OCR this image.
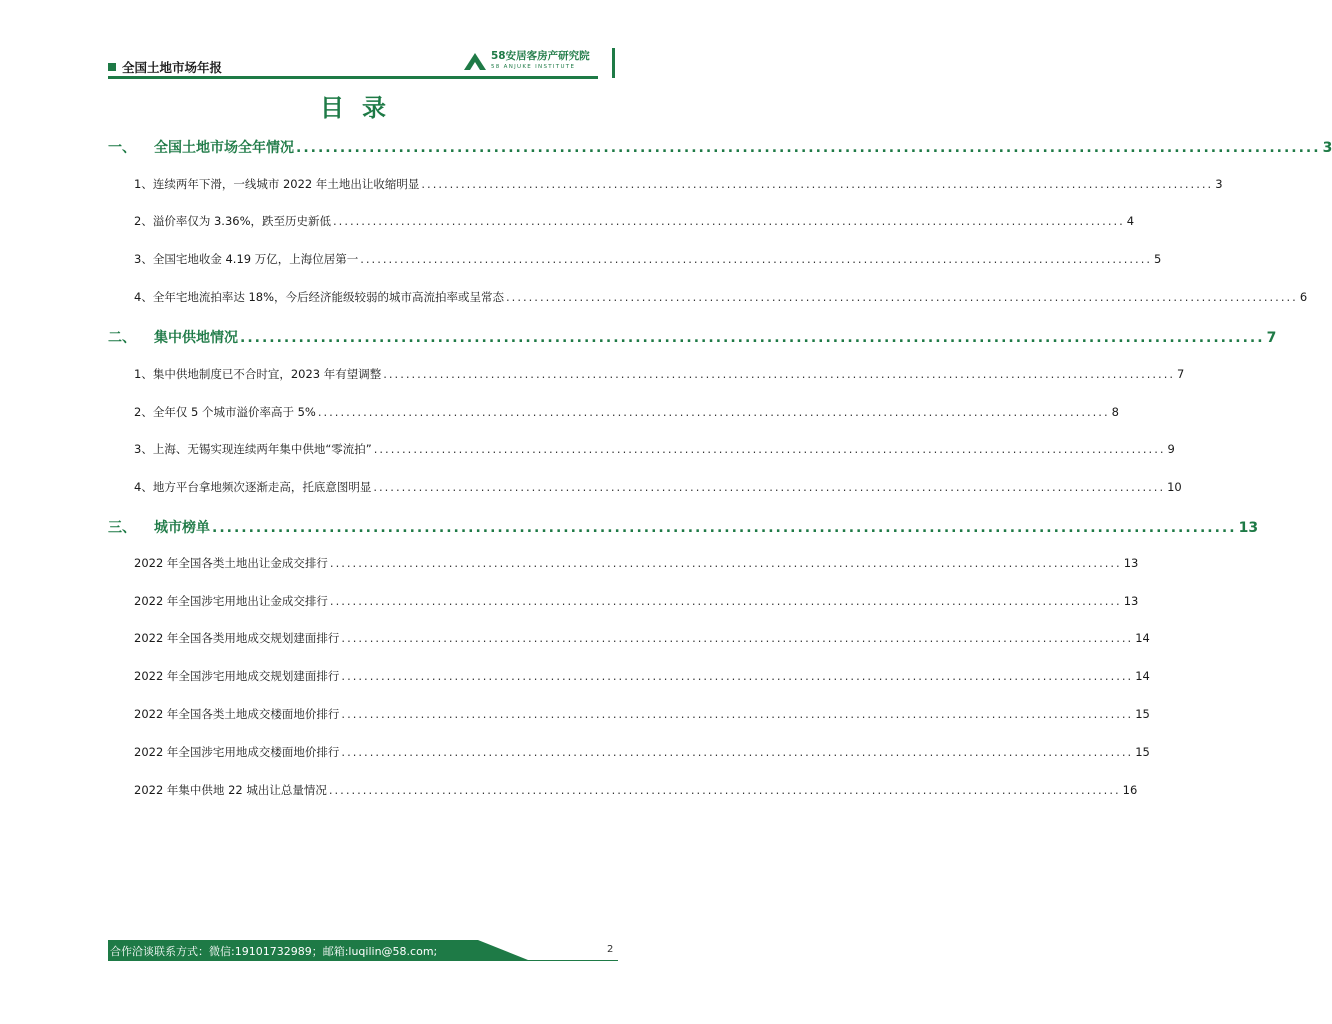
全国土地市场年报
58安居客房产研究院
58 ANJUKE INSTITUTE
目录
一、 全国土地市场全年情况 ............................................................................................................................................ 3
1、连续两年下滑，一线城市 2022 年土地出让收缩明显 ............................................................................................................................................ 3
2、溢价率仅为 3.36%，跌至历史新低 ............................................................................................................................................ 4
3、全国宅地收金 4.19 万亿，上海位居第一 ............................................................................................................................................ 5
4、全年宅地流拍率达 18%，今后经济能级较弱的城市高流拍率或呈常态 ............................................................................................................................................ 6
二、 集中供地情况 ............................................................................................................................................ 7
1、集中供地制度已不合时宜，2023 年有望调整 ............................................................................................................................................ 7
2、全年仅 5 个城市溢价率高于 5% ............................................................................................................................................ 8
3、上海、无锡实现连续两年集中供地“零流拍” ............................................................................................................................................ 9
4、地方平台拿地频次逐渐走高，托底意图明显 ............................................................................................................................................ 10
三、 城市榜单 ............................................................................................................................................ 13
2022 年全国各类土地出让金成交排行 ............................................................................................................................................ 13
2022 年全国涉宅用地出让金成交排行 ............................................................................................................................................ 13
2022 年全国各类用地成交规划建面排行 ............................................................................................................................................ 14
2022 年全国涉宅用地成交规划建面排行 ............................................................................................................................................ 14
2022 年全国各类土地成交楼面地价排行 ............................................................................................................................................ 15
2022 年全国涉宅用地成交楼面地价排行 ............................................................................................................................................ 15
2022 年集中供地 22 城出让总量情况 ............................................................................................................................................ 16
合作洽谈联系方式：微信:19101732989；邮箱:luqilin@58.com;	2
